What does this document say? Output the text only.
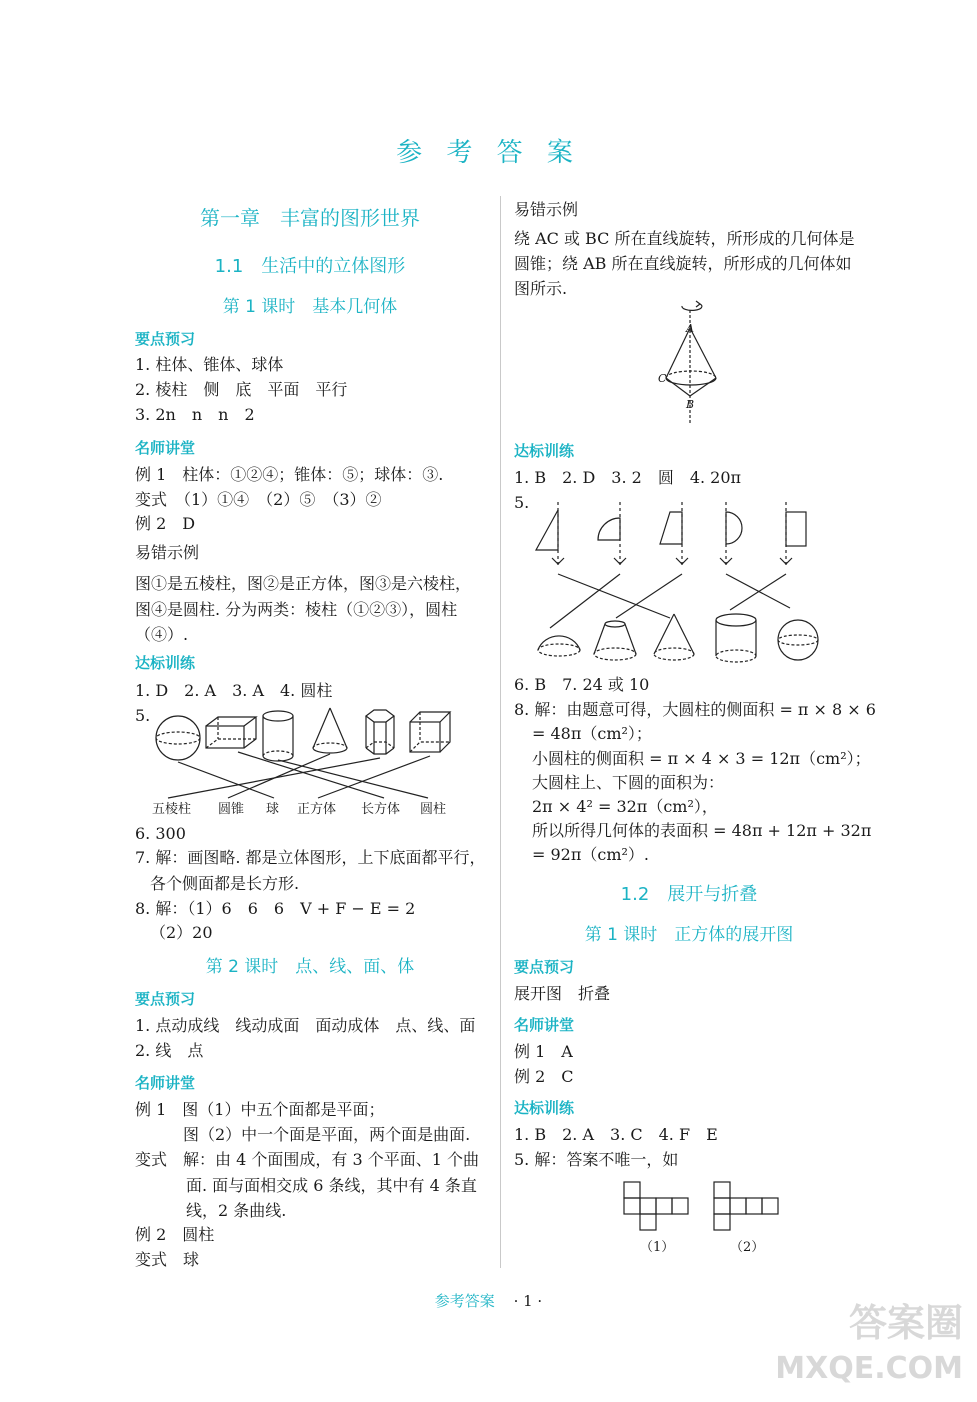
参 考 答 案
第一章　丰富的图形世界
1.1　生活中的立体图形
第 1 课时　基本几何体
要点预习
1. 柱体、锥体、球体
2. 棱柱　侧　底　平面　平行
3. 2n　n　n　2
名师讲堂
例 1　柱体：①②④；锥体：⑤；球体：③.
变式　（1）①④　（2）⑤　（3）②
例 2　D
易错示例
图①是五棱柱，图②是正方体，图③是六棱柱，
图④是圆柱. 分为两类：棱柱（①②③），圆柱
（④）.
达标训练
1. D　2. A　3. A　4. 圆柱
5.
五棱柱 圆锥 球 正方体 长方体 圆柱
6. 300
7. 解：画图略. 都是立体图形，上下底面都平行，
各个侧面都是长方形.
8. 解：（1）6　6　6　V + F − E = 2
（2）20
第 2 课时　点、线、面、体
要点预习
1. 点动成线　线动成面　面动成体　点、线、面
2. 线　点
名师讲堂
例 1　图（1）中五个面都是平面；
图（2）中一个面是平面，两个面是曲面.
变式　解：由 4 个面围成，有 3 个平面、1 个曲
面. 面与面相交成 6 条线，其中有 4 条直
线，2 条曲线.
例 2　圆柱
变式　球
易错示例
绕 AC 或 BC 所在直线旋转，所形成的几何体是
圆锥；绕 AB 所在直线旋转，所形成的几何体如
图所示.
A
C
B
达标训练
1. B　2. D　3. 2　圆　4. 20π
5.
6. B　7. 24 或 10
8. 解：由题意可得，大圆柱的侧面积 = π × 8 × 6
= 48π（cm²）；
小圆柱的侧面积 = π × 4 × 3 = 12π（cm²）；
大圆柱上、下圆的面积为：
2π × 4² = 32π（cm²），
所以所得几何体的表面积 = 48π + 12π + 32π
= 92π（cm²）.
1.2　展开与折叠
第 1 课时　正方体的展开图
要点预习
展开图　折叠
名师讲堂
例 1　A
例 2　C
达标训练
1. B　2. A　3. C　4. F　E
5. 解：答案不唯一，如
（1）	（2）
参考答案 · 1 ·	答案圈
MXQE.COM
